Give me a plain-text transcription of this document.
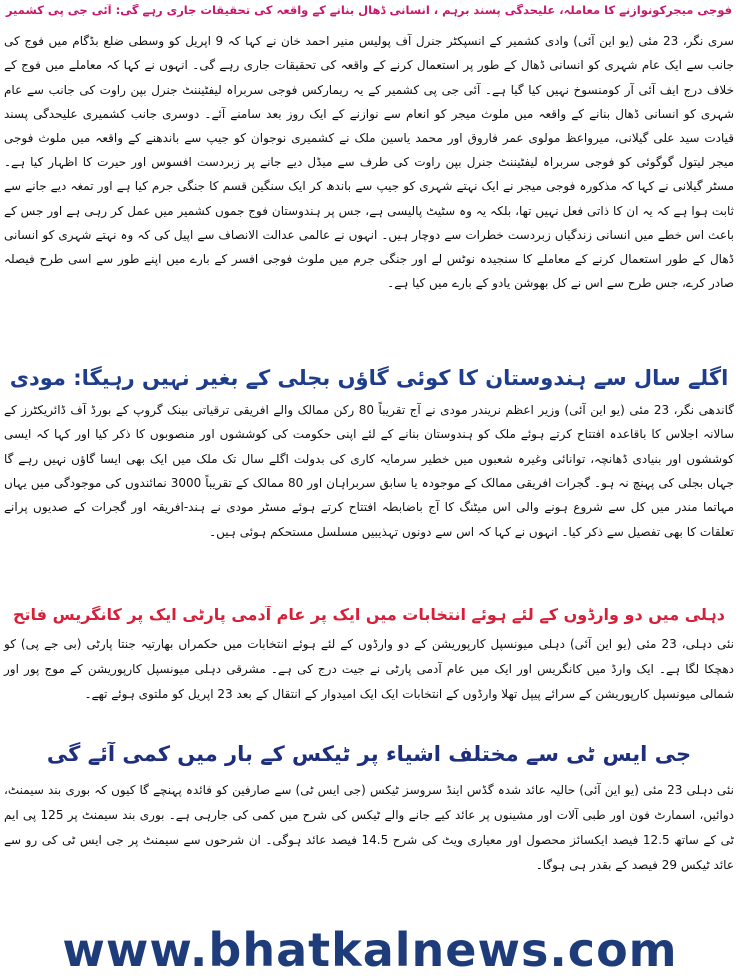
فوجی میجرکونوازنے کا معاملہ، علیحدگی پسند برہم ، انسانی ڈھال بنانے کے واقعہ کی تحقیقات جاری رہے گی: آئی جی پی کشمیر

سری نگر، 23 مئی (یو این آئی) وادی کشمیر کے انسپکٹر جنرل آف پولیس منیر احمد خان نے کہا کہ 9 اپریل کو وسطی ضلع بڈگام میں فوج کی جانب سے ایک عام شہری کو انسانی ڈھال کے طور پر استعمال کرنے کے واقعہ کی تحقیقات جاری رہے گی۔ انہوں نے کہا کہ معاملے میں فوج کے خلاف درج ایف آئی آر کومنسوخ نہیں کیا گیا ہے۔ آئی جی پی کشمیر کے یہ ریمارکس فوجی سربراہ لیفٹیننٹ جنرل بپن راوت کی جانب سے عام شہری کو انسانی ڈھال بنانے کے واقعہ میں ملوث میجر کو انعام سے نوازنے کے ایک روز بعد سامنے آئے۔ دوسری جانب کشمیری علیحدگی پسند قیادت سید علی گیلانی، میرواعظ مولوی عمر فاروق اور محمد یاسین ملک نے کشمیری نوجوان کو جیپ سے باندھنے کے واقعہ میں ملوث فوجی میجر لیتول گوگوئی کو فوجی سربراہ لیفٹیننٹ جنرل بپن راوت کی طرف سے میڈل دیے جانے پر زبردست افسوس اور حیرت کا اظہار کیا ہے۔ مسٹر گیلانی نے کہا کہ مذکورہ فوجی میجر نے ایک نہتے شہری کو جیپ سے باندھ کر ایک سنگین قسم کا جنگی جرم کیا ہے اور تمغہ دیے جانے سے ثابت ہوا ہے کہ یہ ان کا ذاتی فعل نہیں تھا، بلکہ یہ وہ سٹیٹ پالیسی ہے، جس پر ہندوستان فوج جموں کشمیر میں عمل کر رہی ہے اور جس کے باعث اس خطے میں انسانی زندگیاں زبردست خطرات سے دوچار ہیں۔ انہوں نے عالمی عدالت الانصاف سے اپیل کی کہ وہ نہتے شہری کو انسانی ڈھال کے طور استعمال کرنے کے معاملے کا سنجیدہ نوٹس لے اور جنگی جرم میں ملوث فوجی افسر کے بارے میں اپنے طور سے اسی طرح فیصلہ صادر کرے، جس طرح سے اس نے کل بھوشن یادو کے بارے میں کیا ہے۔

اگلے سال سے ہندوستان کا کوئی گاؤں بجلی کے بغیر نہیں رہیگا: مودی

گاندھی نگر، 23 مئی (یو این آئی) وزیر اعظم نریندر مودی نے آج تقریباً 80 رکن ممالک والے افریقی ترقیاتی بینک گروپ کے بورڈ آف ڈائریکٹرز کے سالانہ اجلاس کا باقاعدہ افتتاح کرتے ہوئے ملک کو ہندوستان بنانے کے لئے اپنی حکومت کی کوششوں اور منصوبوں کا ذکر کیا اور کہا کہ ایسی کوششوں اور بنیادی ڈھانچہ، توانائی وغیرہ شعبوں میں خطیر سرمایہ کاری کی بدولت اگلے سال تک ملک میں ایک بھی ایسا گاؤں نہیں رہے گا جہاں بجلی کی پہنچ نہ ہو۔ گجرات افریقی ممالک کے موجودہ یا سابق سربراہان اور 80 ممالک کے تقریباً 3000 نمائندوں کی موجودگی میں یہاں مہاتما مندر میں کل سے شروع ہونے والی اس میٹنگ کا آج باضابطہ افتتاح کرتے ہوئے مسٹر مودی نے ہند-افریقہ اور گجرات کے صدیوں پرانے تعلقات کا بھی تفصیل سے ذکر کیا۔ انہوں نے کہا کہ اس سے دونوں تہذیبیں مسلسل مستحکم ہوئی ہیں۔

دہلی میں دو وارڈوں کے لئے ہوئے انتخابات میں ایک پر عام آدمی پارٹی ایک پر کانگریس فاتح

نئی دہلی، 23 مئی (یو این آئی) دہلی میونسپل کارپوریشن کے دو وارڈوں کے لئے ہوئے انتخابات میں حکمراں بھارتیہ جنتا پارٹی (بی جے پی) کو دھچکا لگا ہے۔ ایک وارڈ میں کانگریس اور ایک میں عام آدمی پارٹی نے جیت درج کی ہے۔ مشرقی دہلی میونسپل کارپوریشن کے موج پور اور شمالی میونسپل کارپوریشن کے سرائے پیپل تھلا وارڈوں کے انتخابات ایک ایک امیدوار کے انتقال کے بعد 23 اپریل کو ملتوی ہوئے تھے۔

جی ایس ٹی سے مختلف اشیاء پر ٹیکس کے بار میں کمی آئے گی

نئی دہلی 23 مئی (یو این آئی) حالیہ عائد شدہ گڈس اینڈ سروسز ٹیکس (جی ایس ٹی) سے صارفین کو فائدہ پہنچے گا کیوں کہ بوری بند سیمنٹ، دوائیں، اسمارٹ فون اور طبی آلات اور مشینوں پر عائد کیے جانے والے ٹیکس کی شرح میں کمی کی جارہی ہے۔ بوری بند سیمنٹ پر 125 پی ایم ٹی کے ساتھ 12.5 فیصد ایکسائز محصول اور معیاری ویٹ کی شرح 14.5 فیصد عائد ہوگی۔ ان شرحوں سے سیمنٹ پر جی ایس ٹی کی رو سے عائد ٹیکس 29 فیصد کے بقدر ہی ہوگا۔

www.bhatkalnews.com
